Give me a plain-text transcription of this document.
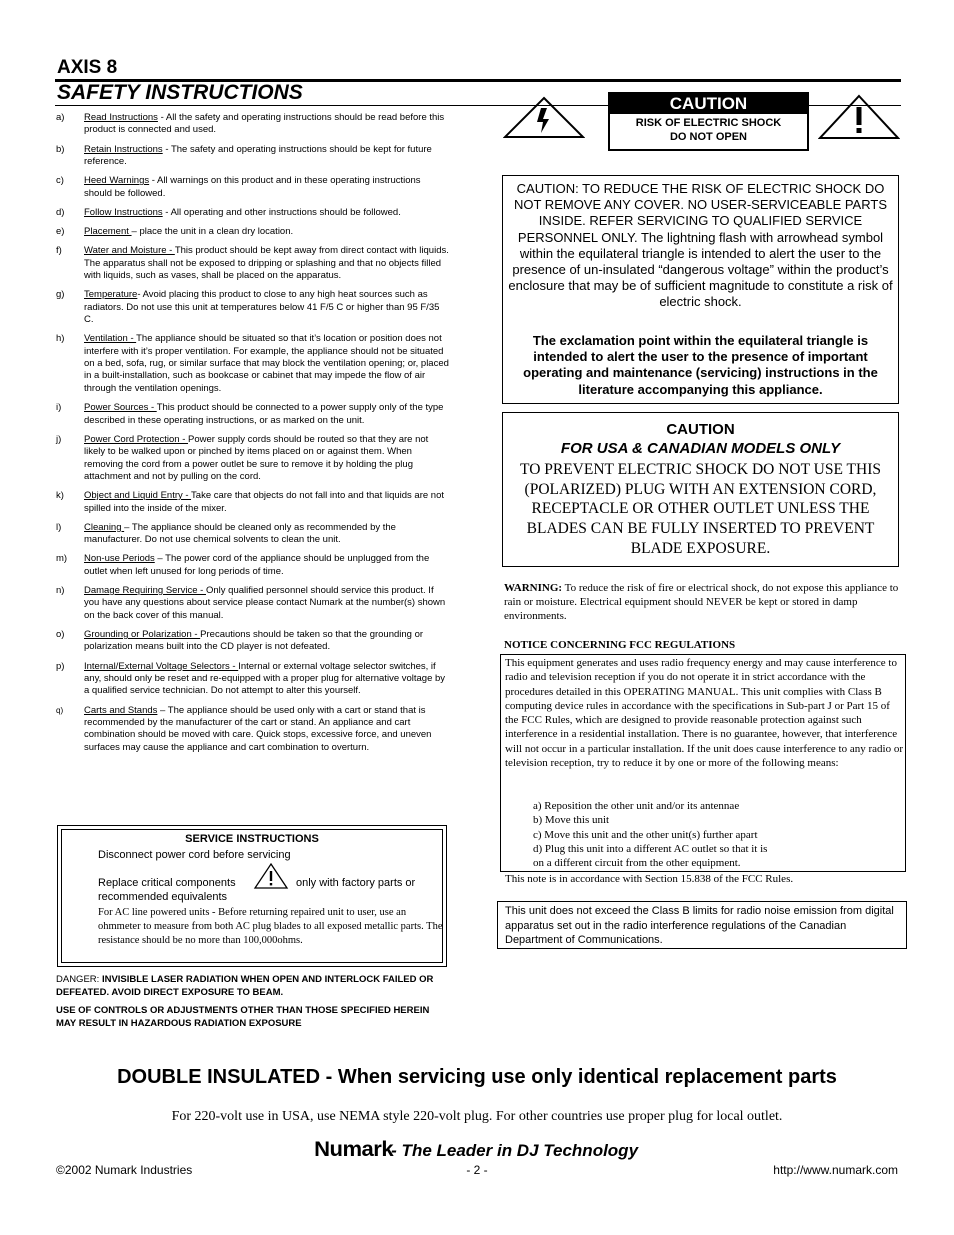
AXIS 8
SAFETY INSTRUCTIONS
a)	Read Instructions - All the safety and operating instructions should be read before this product is connected and used.
b)	Retain Instructions - The safety and operating instructions should be kept for future reference.
c)	Heed Warnings - All warnings on this product and in these operating instructions should be followed.
d)	Follow Instructions - All operating and other instructions should be followed.
e)	Placement – place the unit in a clean dry location.
f)	Water and Moisture - This product should be kept away from direct contact with liquids. The apparatus shall not be exposed to dripping or splashing and that no objects filled with liquids, such as vases, shall be placed on the apparatus.
g)	Temperature- Avoid placing this product to close to any high heat sources such as radiators. Do not use this unit at temperatures below 41 F/5 C or higher than 95 F/35 C.
h)	Ventilation - The appliance should be situated so that it’s location or position does not interfere with it’s proper ventilation. For example, the appliance should not be situated on a bed, sofa, rug, or similar surface that may block the ventilation opening; or, placed in a built-installation, such as bookcase or cabinet that may impede the flow of air through the ventilation openings.
i)	Power Sources - This product should be connected to a power supply only of the type described in these operating instructions, or as marked on the unit.
j)	Power Cord Protection - Power supply cords should be routed so that they are not likely to be walked upon or pinched by items placed on or against them. When removing the cord from a power outlet be sure to remove it by holding the plug attachment and not by pulling on the cord.
k)	Object and Liquid Entry - Take care that objects do not fall into and that liquids are not spilled into the inside of the mixer.
l)	Cleaning – The appliance should be cleaned only as recommended by the manufacturer. Do not use chemical solvents to clean the unit.
m)	Non-use Periods – The power cord of the appliance should be unplugged from the outlet when left unused for long periods of time.
n)	Damage Requiring Service - Only qualified personnel should service this product. If you have any questions about service please contact Numark at the number(s) shown on the back cover of this manual.
o)	Grounding or Polarization - Precautions should be taken so that the grounding or polarization means built into the CD player is not defeated.
p)	Internal/External Voltage Selectors - Internal or external voltage selector switches, if any, should only be reset and re-equipped with a proper plug for alternative voltage by a qualified service technician. Do not attempt to alter this yourself.
q)	Carts and Stands – The appliance should be used only with a cart or stand that is recommended by the manufacturer of the cart or stand. An appliance and cart combination should be moved with care. Quick stops, excessive force, and uneven surfaces may cause the appliance and cart combination to overturn.
SERVICE INSTRUCTIONS
Disconnect power cord before servicing
Replace critical components	only with factory parts or
recommended equivalents
For AC line powered units - Before returning repaired unit to user, use an ohmmeter to measure from both AC plug blades to all exposed metallic parts. The resistance should be no more than 100,000ohms.
DANGER: INVISIBLE LASER RADIATION WHEN OPEN AND INTERLOCK FAILED OR DEFEATED. AVOID DIRECT EXPOSURE TO BEAM.
USE OF CONTROLS OR ADJUSTMENTS OTHER THAN THOSE SPECIFIED HEREIN MAY RESULT IN HAZARDOUS RADIATION EXPOSURE
CAUTION
RISK OF ELECTRIC SHOCK
DO NOT OPEN
CAUTION: TO REDUCE THE RISK OF ELECTRIC SHOCK DO NOT REMOVE ANY COVER. NO USER-SERVICEABLE PARTS INSIDE. REFER SERVICING TO QUALIFIED SERVICE PERSONNEL ONLY. The lightning flash with arrowhead symbol within the equilateral triangle is intended to alert the user to the presence of un-insulated “dangerous voltage” within the product’s enclosure that may be of sufficient magnitude to constitute a risk of electric shock.
The exclamation point within the equilateral triangle is intended to alert the user to the presence of important operating and maintenance (servicing) instructions in the literature accompanying this appliance.
CAUTION
FOR USA & CANADIAN MODELS ONLY
TO PREVENT ELECTRIC SHOCK DO NOT USE THIS (POLARIZED) PLUG WITH AN EXTENSION CORD, RECEPTACLE OR OTHER OUTLET UNLESS THE BLADES CAN BE FULLY INSERTED TO PREVENT BLADE EXPOSURE.
WARNING: To reduce the risk of fire or electrical shock, do not expose this appliance to rain or moisture. Electrical equipment should NEVER be kept or stored in damp environments.
NOTICE CONCERNING FCC REGULATIONS
This equipment generates and uses radio frequency energy and may cause interference to radio and television reception if you do not operate it in strict accordance with the procedures detailed in this OPERATING MANUAL. This unit complies with Class B computing device rules in accordance with the specifications in Sub-part J or Part 15 of the FCC Rules, which are designed to provide reasonable protection against such interference in a residential installation. There is no guarantee, however, that interference will not occur in a particular installation. If the unit does cause interference to any radio or television reception, try to reduce it by one or more of the following means:
a) Reposition the other unit and/or its antennae
b) Move this unit
c) Move this unit and the other unit(s) further apart
d) Plug this unit into a different AC outlet so that it is
on a different circuit from the other equipment.
This note is in accordance with Section 15.838 of the FCC Rules.
This unit does not exceed the Class B limits for radio noise emission from digital apparatus set out in the radio interference regulations of the Canadian Department of Communications.
DOUBLE INSULATED - When servicing use only identical replacement parts
For 220-volt use in USA, use NEMA style 220-volt plug. For other countries use proper plug for local outlet.
Numark- The Leader in DJ Technology
©2002 Numark Industries	- 2 -	http://www.numark.com
